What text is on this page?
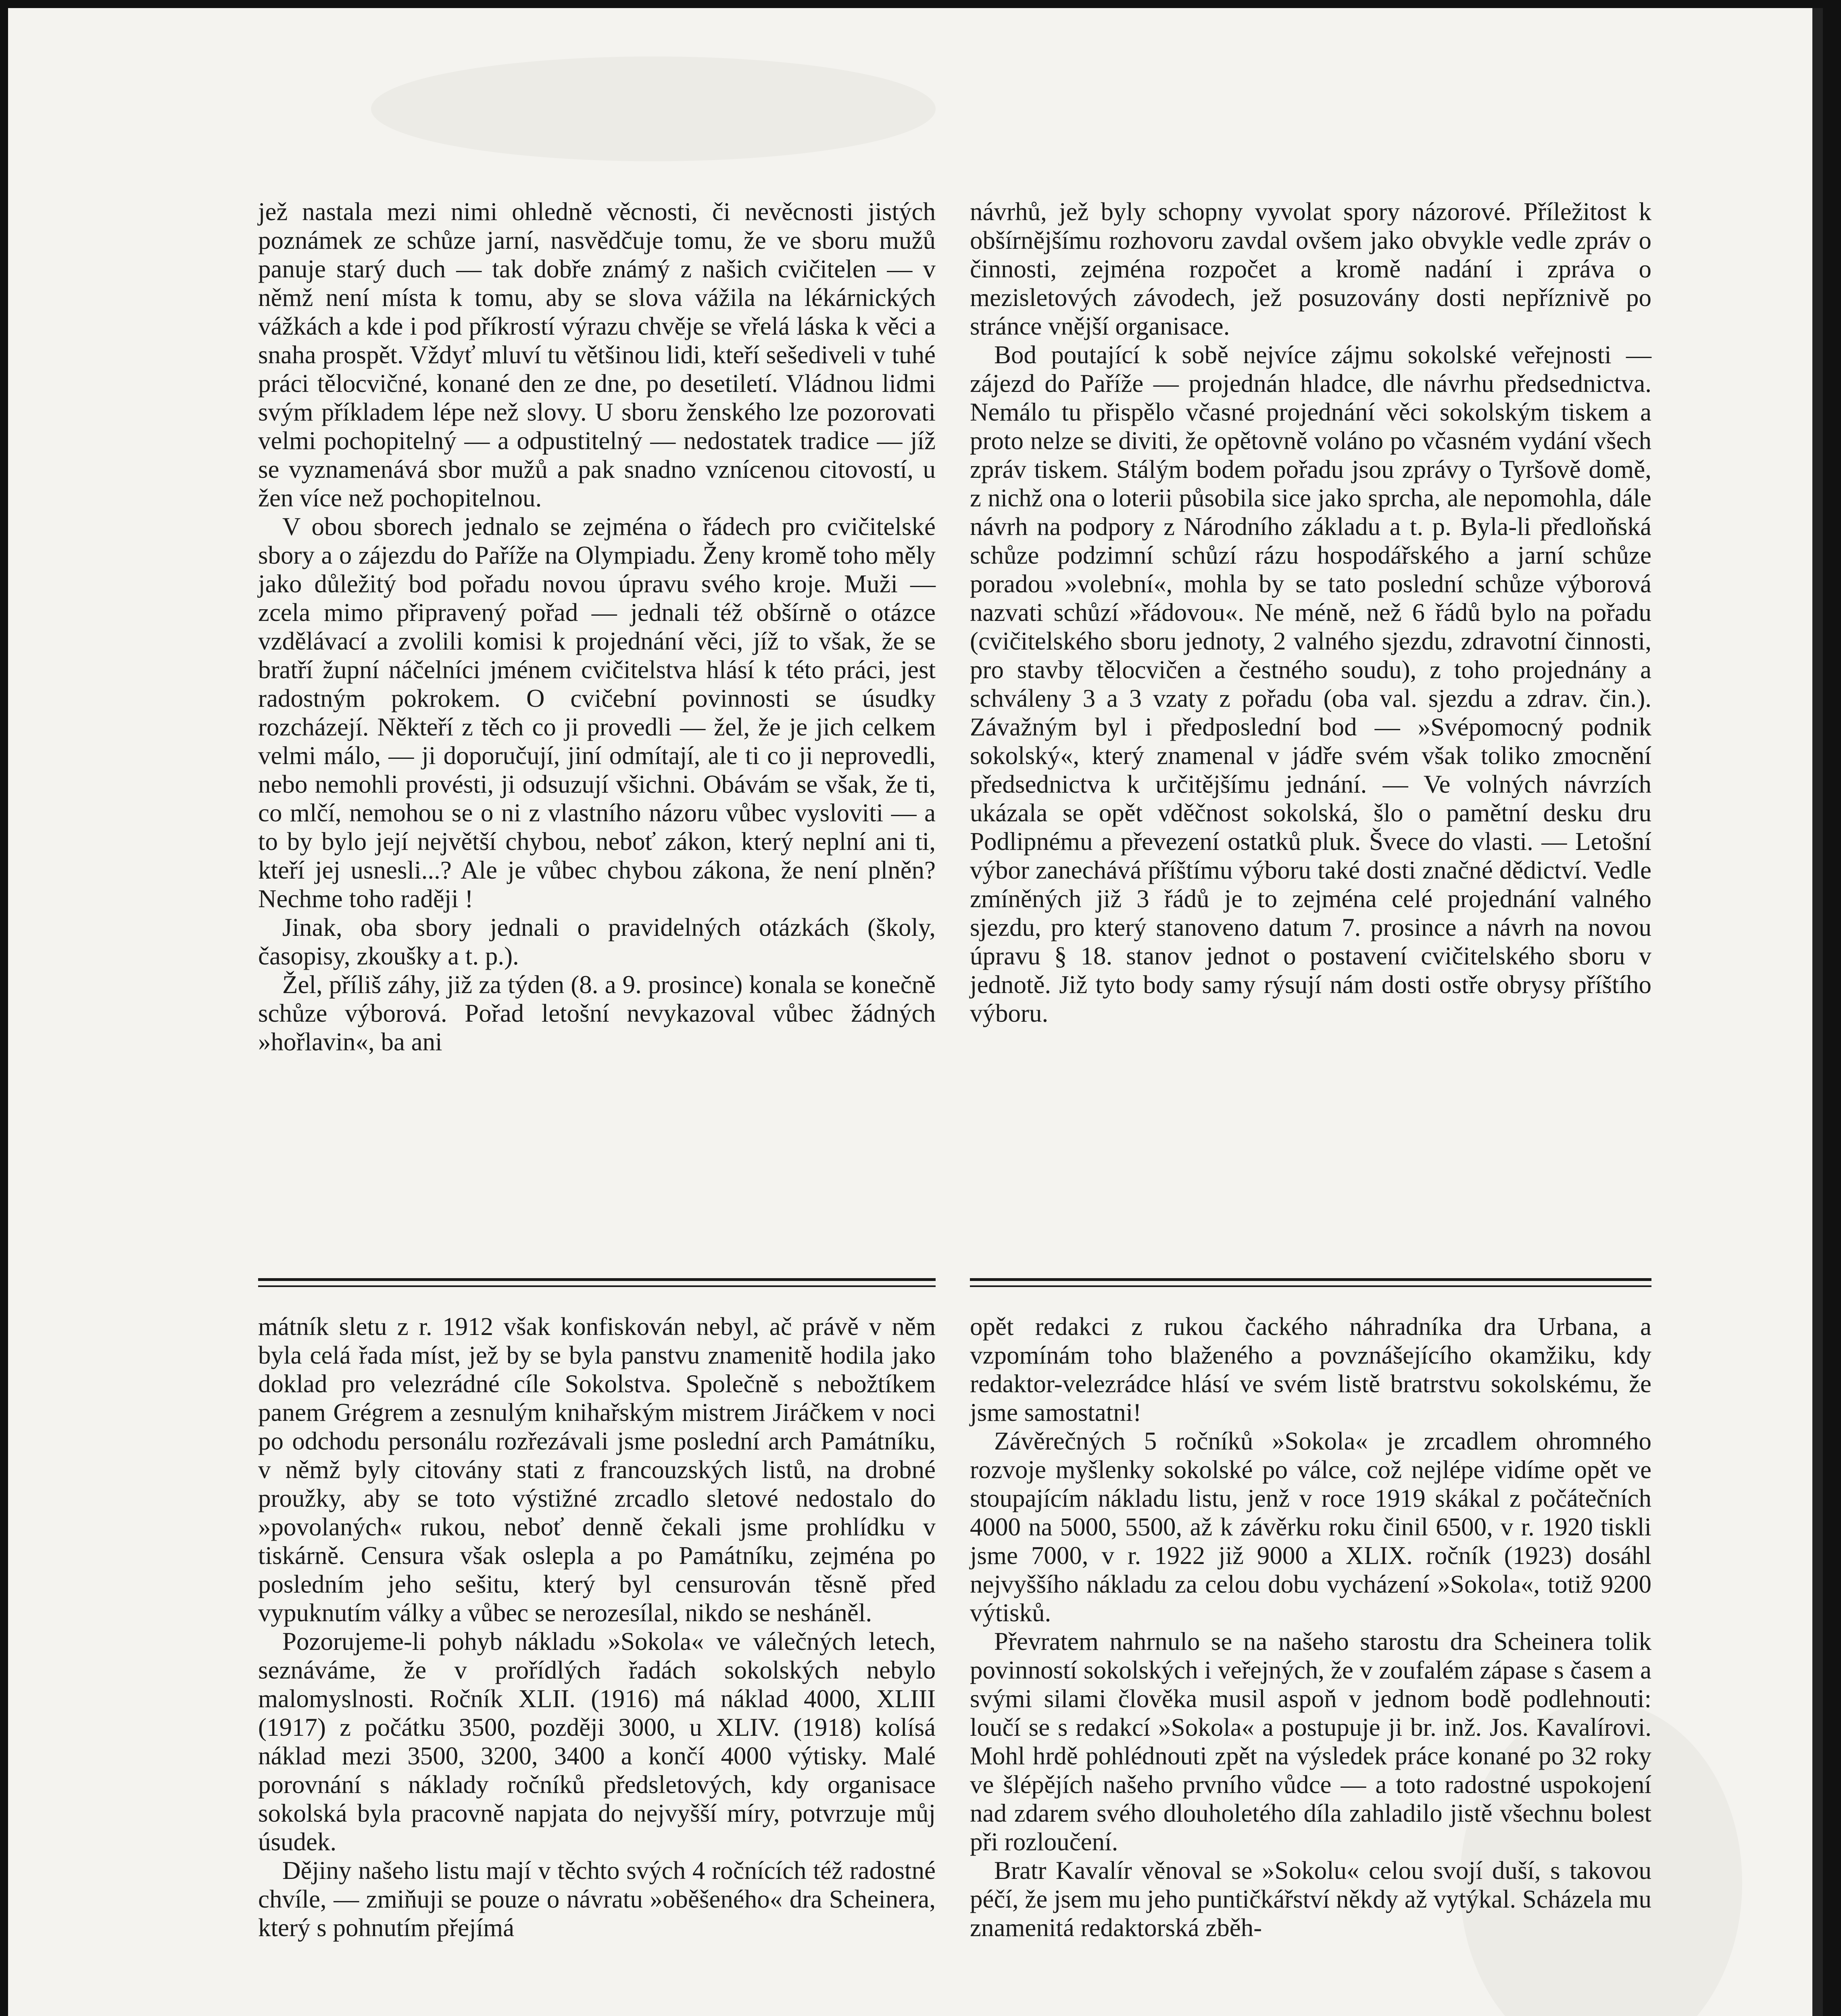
jež nastala mezi nimi ohledně věcnosti, či nevěcnosti jistých poznámek ze schůze jarní, nasvědčuje tomu, že ve sboru mužů panuje starý duch — tak dobře známý z našich cvičitelen — v němž není místa k tomu, aby se slova vážila na lékárnických vážkách a kde i pod příkrostí výrazu chvěje se vřelá láska k věci a snaha prospět. Vždyť mluví tu většinou lidi, kteří sešediveli v tuhé práci tělocvičné, konané den ze dne, po desetiletí. Vládnou lidmi svým příkladem lépe než slovy. U sboru ženského lze pozorovati velmi pochopitelný — a odpustitelný — nedostatek tradice — jíž se vyznamenává sbor mužů a pak snadno vznícenou citovostí, u žen více než pochopitelnou.

V obou sborech jednalo se zejména o řádech pro cvičitelské sbory a o zájezdu do Paříže na Olympiadu. Ženy kromě toho měly jako důležitý bod pořadu novou úpravu svého kroje. Muži — zcela mimo připravený pořad — jednali též obšírně o otázce vzdělávací a zvolili komisi k projednání věci, jíž to však, že se bratří župní náčelníci jménem cvičitelstva hlásí k této práci, jest radostným pokrokem. O cvičební povinnosti se úsudky rozcházejí. Někteří z těch co ji provedli — žel, že je jich celkem velmi málo, — ji doporučují, jiní odmítají, ale ti co ji neprovedli, nebo nemohli provésti, ji odsuzují všichni. Obávám se však, že ti, co mlčí, nemohou se o ni z vlastního názoru vůbec vysloviti — a to by bylo její největší chybou, neboť zákon, který neplní ani ti, kteří jej usnesli...? Ale je vůbec chybou zákona, že není plněn? Nechme toho raději !

Jinak, oba sbory jednali o pravidelných otázkách (školy, časopisy, zkoušky a t. p.).

Žel, příliš záhy, již za týden (8. a 9. prosince) konala se konečně schůze výborová. Pořad letošní nevykazoval vůbec žádných »hořlavin«, ba ani

návrhů, jež byly schopny vyvolat spory názorové. Příležitost k obšírnějšímu rozhovoru zavdal ovšem jako obvykle vedle zpráv o činnosti, zejména rozpočet a kromě nadání i zpráva o mezisletových závodech, jež posuzovány dosti nepříznivě po stránce vnější organisace.

Bod poutající k sobě nejvíce zájmu sokolské veřejnosti — zájezd do Paříže — projednán hladce, dle návrhu předsednictva. Nemálo tu přispělo včasné projednání věci sokolským tiskem a proto nelze se diviti, že opětovně voláno po včasném vydání všech zpráv tiskem. Stálým bodem pořadu jsou zprávy o Tyršově domě, z nichž ona o loterii působila sice jako sprcha, ale nepomohla, dále návrh na podpory z Národního základu a t. p. Byla-li předloňská schůze podzimní schůzí rázu hospodářského a jarní schůze poradou »volební«, mohla by se tato poslední schůze výborová nazvati schůzí »řádovou«. Ne méně, než 6 řádů bylo na pořadu (cvičitelského sboru jednoty, 2 valného sjezdu, zdravotní činnosti, pro stavby tělocvičen a čestného soudu), z toho projednány a schváleny 3 a 3 vzaty z pořadu (oba val. sjezdu a zdrav. čin.). Závažným byl i předposlední bod — »Svépomocný podnik sokolský«, který znamenal v jádře svém však toliko zmocnění předsednictva k určitějšímu jednání. — Ve volných návrzích ukázala se opět vděčnost sokolská, šlo o pamětní desku dru Podlipnému a převezení ostatků pluk. Švece do vlasti. — Letošní výbor zanechává příštímu výboru také dosti značné dědictví. Vedle zmíněných již 3 řádů je to zejména celé projednání valného sjezdu, pro který stanoveno datum 7. prosince a návrh na novou úpravu § 18. stanov jednot o postavení cvičitelského sboru v jednotě. Již tyto body samy rýsují nám dosti ostře obrysy příštího výboru.

mátník sletu z r. 1912 však konfiskován nebyl, ač právě v něm byla celá řada míst, jež by se byla panstvu znamenitě hodila jako doklad pro velezrádné cíle Sokolstva. Společně s nebožtíkem panem Grégrem a zesnulým knihařským mistrem Jiráčkem v noci po odchodu personálu rozřezávali jsme poslední arch Památníku, v němž byly citovány stati z francouzských listů, na drobné proužky, aby se toto výstižné zrcadlo sletové nedostalo do »povolaných« rukou, neboť denně čekali jsme prohlídku v tiskárně. Censura však oslepla a po Památníku, zejména po posledním jeho sešitu, který byl censurován těsně před vypuknutím války a vůbec se nerozesílal, nikdo se nesháněl.

Pozorujeme-li pohyb nákladu »Sokola« ve válečných letech, seznáváme, že v prořídlých řadách sokolských nebylo malomyslnosti. Ročník XLII. (1916) má náklad 4000, XLIII (1917) z počátku 3500, později 3000, u XLIV. (1918) kolísá náklad mezi 3500, 3200, 3400 a končí 4000 výtisky. Malé porovnání s náklady ročníků předsletových, kdy organisace sokolská byla pracovně napjata do nejvyšší míry, potvrzuje můj úsudek.

Dějiny našeho listu mají v těchto svých 4 ročnících též radostné chvíle, — zmiňuji se pouze o návratu »oběšeného« dra Scheinera, který s pohnutím přejímá

opět redakci z rukou čackého náhradníka dra Urbana, a vzpomínám toho blaženého a povznášejícího okamžiku, kdy redaktor-velezrádce hlásí ve svém listě bratrstvu sokolskému, že jsme samostatni!

Závěrečných 5 ročníků »Sokola« je zrcadlem ohromného rozvoje myšlenky sokolské po válce, což nejlépe vidíme opět ve stoupajícím nákladu listu, jenž v roce 1919 skákal z počátečních 4000 na 5000, 5500, až k závěrku roku činil 6500, v r. 1920 tiskli jsme 7000, v r. 1922 již 9000 a XLIX. ročník (1923) dosáhl nejvyššího nákladu za celou dobu vycházení »Sokola«, totiž 9200 výtisků.

Převratem nahrnulo se na našeho starostu dra Scheinera tolik povinností sokolských i veřejných, že v zoufalém zápase s časem a svými silami člověka musil aspoň v jednom bodě podlehnouti: loučí se s redakcí »Sokola« a postupuje ji br. inž. Jos. Kavalírovi. Mohl hrdě pohlédnouti zpět na výsledek práce konané po 32 roky ve šlépějích našeho prvního vůdce — a toto radostné uspokojení nad zdarem svého dlouholetého díla zahladilo jistě všechnu bolest při rozloučení.

Bratr Kavalír věnoval se »Sokolu« celou svojí duší, s takovou péčí, že jsem mu jeho puntičkářství někdy až vytýkal. Scházela mu znamenitá redaktorská zběh-
